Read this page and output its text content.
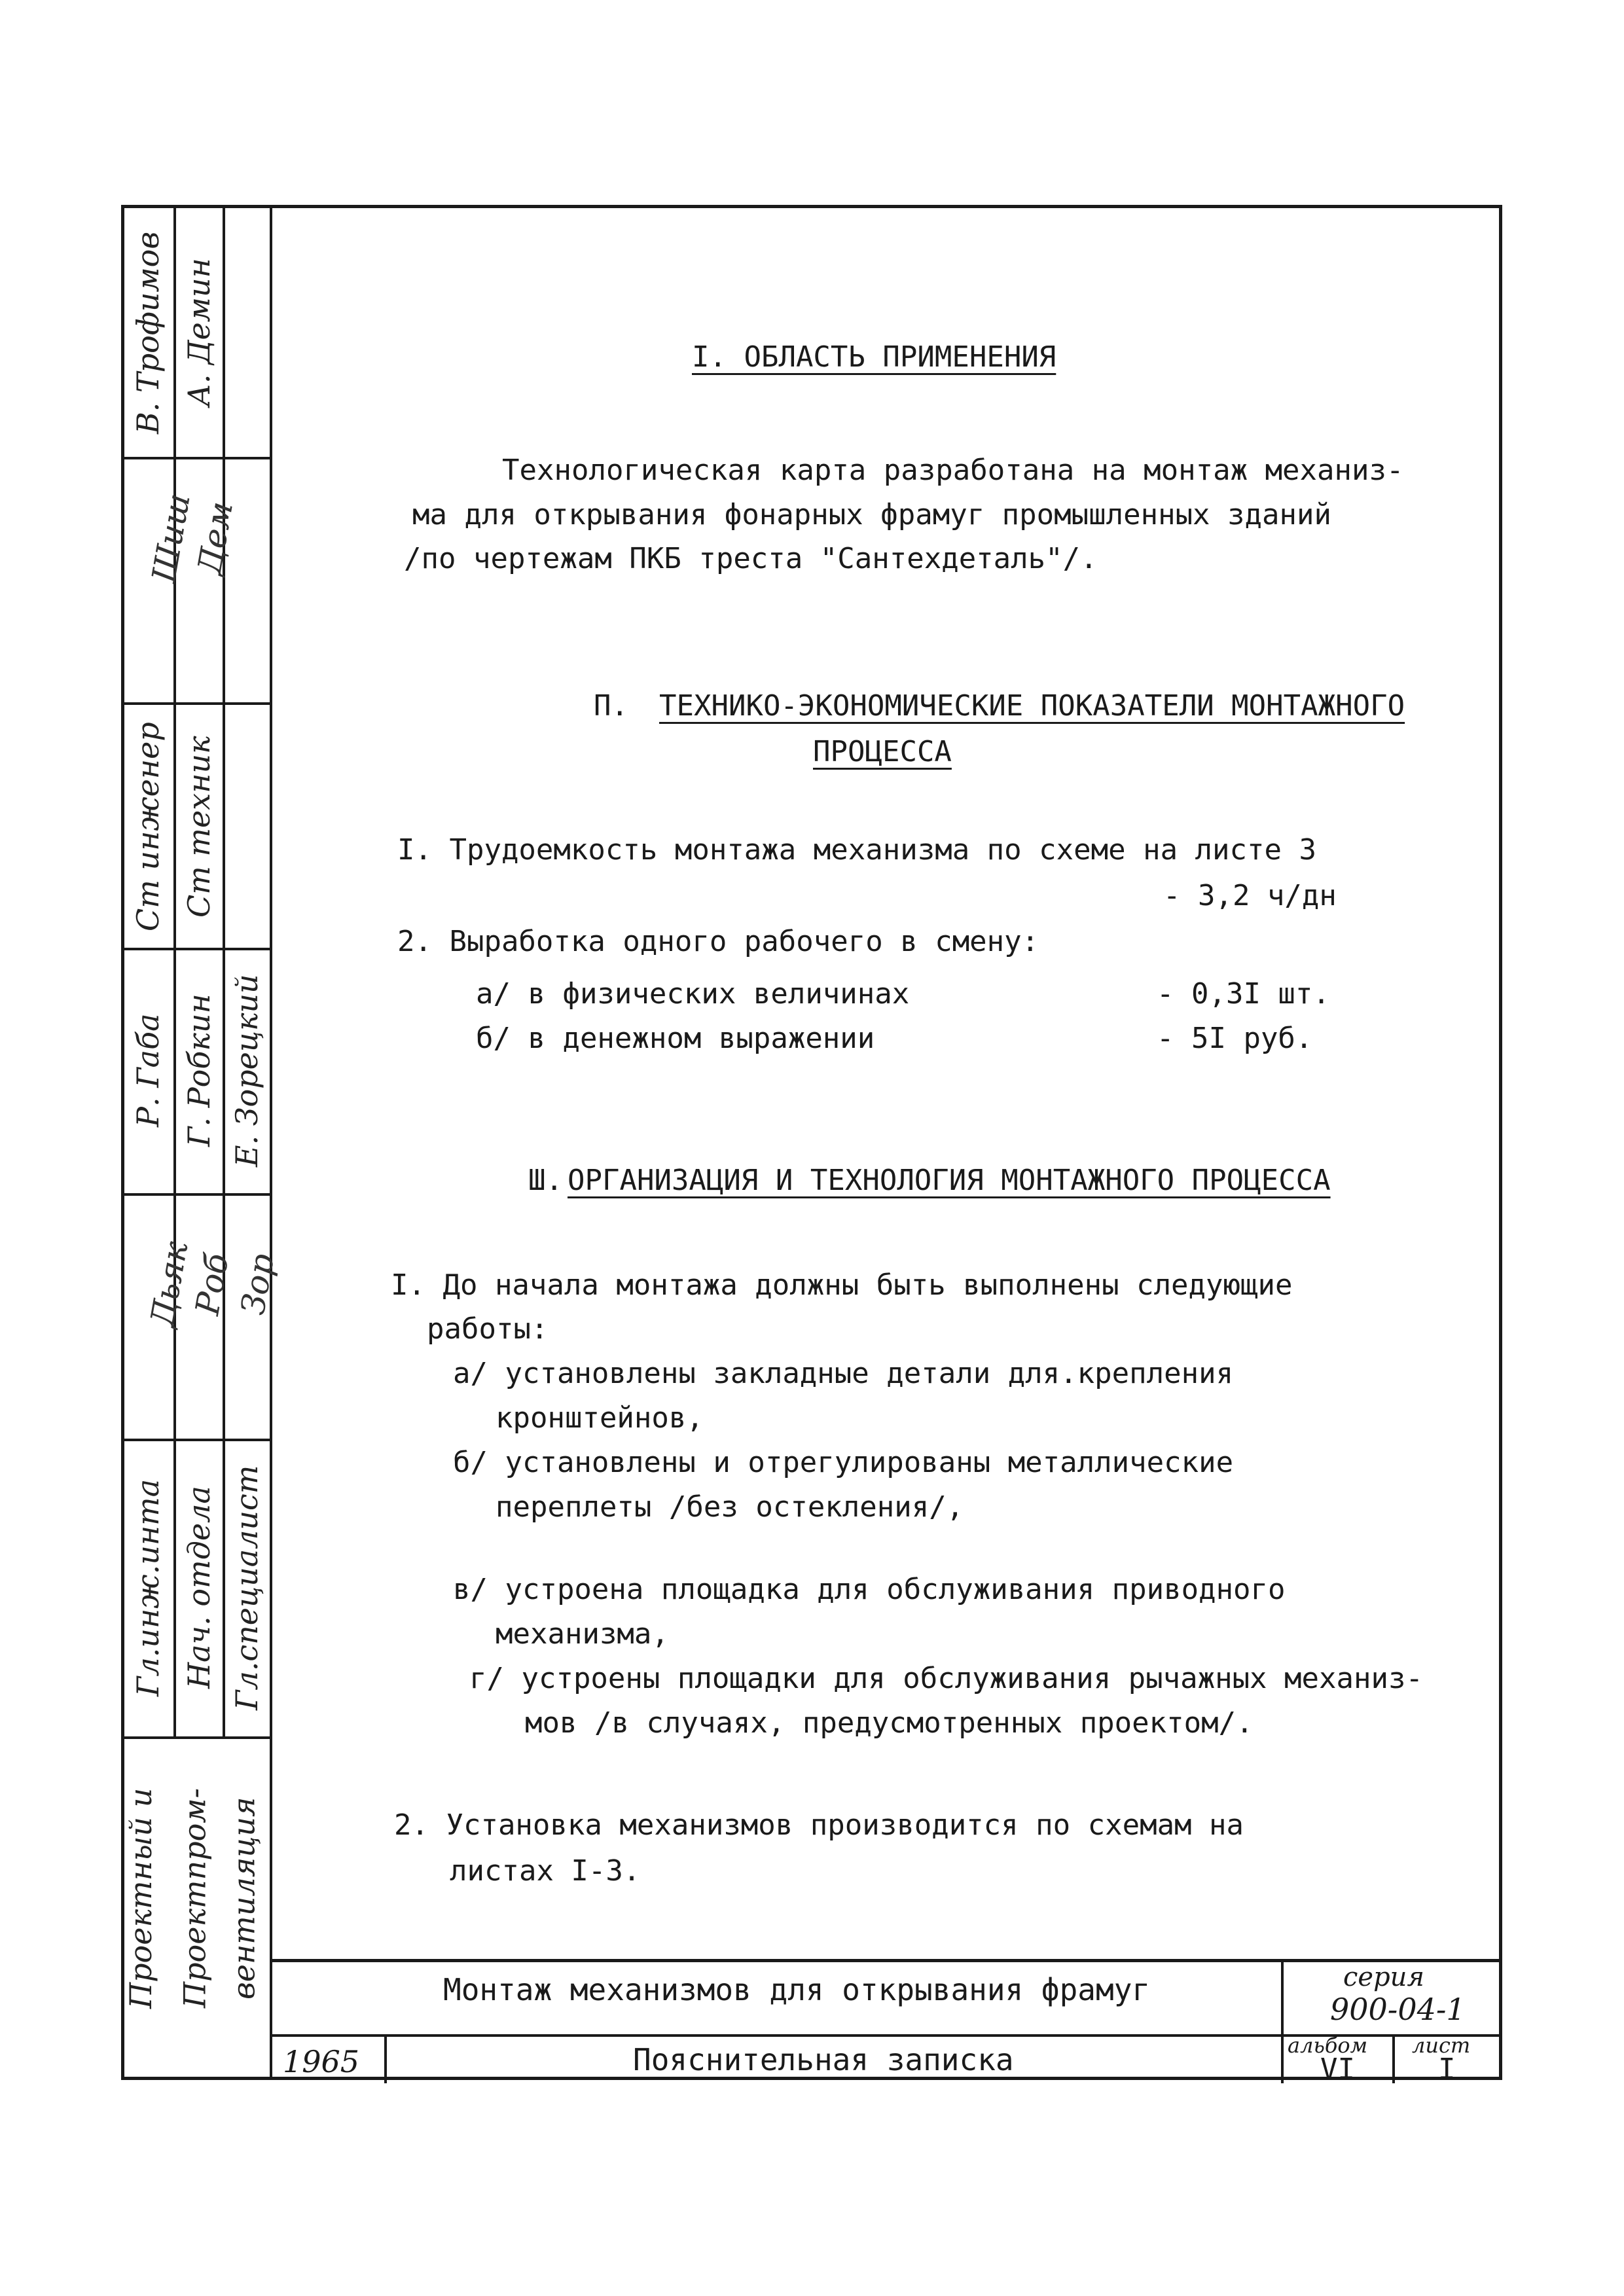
В. Трофимов
Шиш
Ст инженер
Р. Габа
Дьяк
Гл.инж.инта
А. Демин
Дем
Ст техник
Г. Робкин
Роб
Нач. отдела
Е. Зорецкий
Зор
Гл.специалист
Проектный и Проектпром- вентиляция
I. ОБЛАСТЬ ПРИМЕНЕНИЯ
Технологическая карта разработана на монтаж механиз-
ма для открывания фонарных фрамуг промышленных зданий
/по чертежам ПКБ треста "Сантехдеталь"/.
П. ТЕХНИКО-ЭКОНОМИЧЕСКИЕ ПОКАЗАТЕЛИ МОНТАЖНОГО
ПРОЦЕССА
I. Трудоемкость монтажа механизма по схеме на листе 3
- 3,2 ч/дн
2. Выработка одного рабочего в смену:
а/ в физических величинах	- 0,3I шт.
б/ в денежном выражении	- 5I руб.
Ш. ОРГАНИЗАЦИЯ И ТЕХНОЛОГИЯ МОНТАЖНОГО ПРОЦЕССА
I. До начала монтажа должны быть выполнены следующие
работы:
а/ установлены закладные детали для.крепления
кронштейнов,
б/ установлены и отрегулированы металлические
переплеты /без остекления/,
в/ устроена площадка для обслуживания приводного
механизма,
г/ устроены площадки для обслуживания рычажных механиз-
мов /в случаях, предусмотренных проектом/.
2. Установка механизмов производится по схемам на
листах I-3.
Монтаж механизмов для открывания фрамуг
Пояснительная записка
1965
серия
900-04-1
альбом
VI
лист
I
